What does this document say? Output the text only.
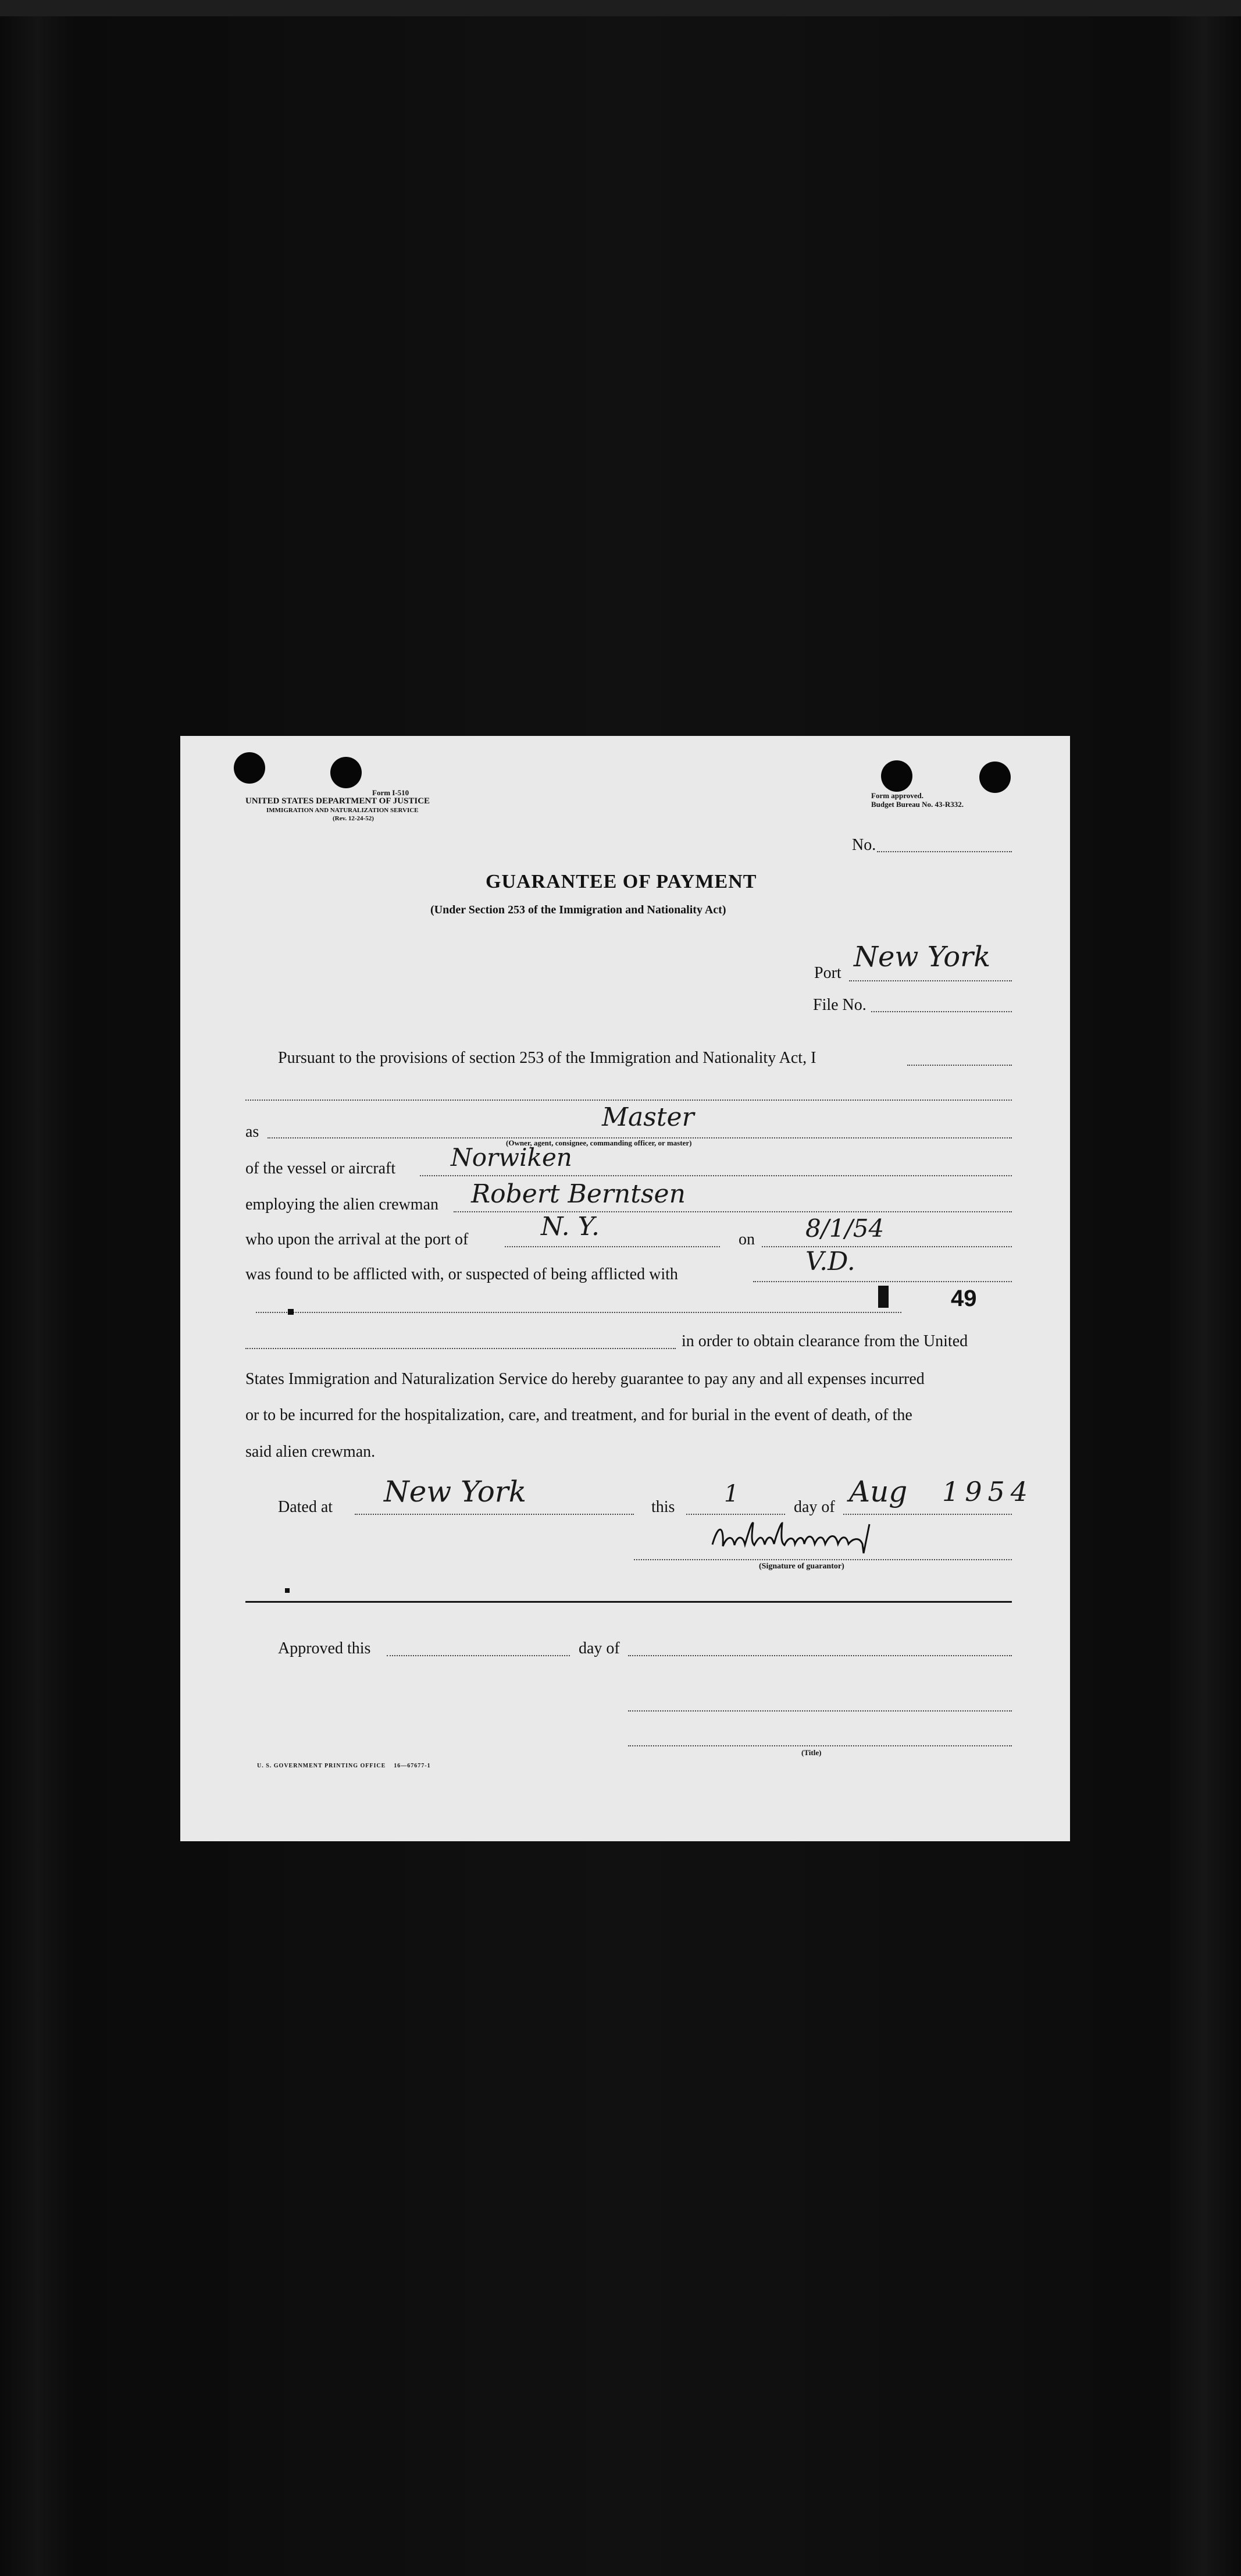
Form I-510
UNITED STATES DEPARTMENT OF JUSTICE
IMMIGRATION AND NATURALIZATION SERVICE
(Rev. 12-24-52)
Form approved.
Budget Bureau No. 43-R332.
No.
GUARANTEE OF PAYMENT
(Under Section 253 of the Immigration and Nationality Act)
Port New York
File No.
Pursuant to the provisions of section 253 of the Immigration and Nationality Act, I
as	Master
(Owner, agent, consignee, commanding officer, or master)
of the vessel or aircraft Norwiken
employing the alien crewman Robert Berntsen
who upon the arrival at the port of	N. Y.	on 8/1/54
was found to be afflicted with, or suspected of being afflicted with	V.D.
49
in order to obtain clearance from the United
States Immigration and Naturalization Service do hereby guarantee to pay any and all expenses incurred
or to be incurred for the hospitalization, care, and treatment, and for burial in the event of death, of the
said alien crewman.
Dated at New York	this 1	day of Aug 1954
(Signature of guarantor)
Approved this	day of
(Title)
U. S. GOVERNMENT PRINTING OFFICE    16—67677-1
